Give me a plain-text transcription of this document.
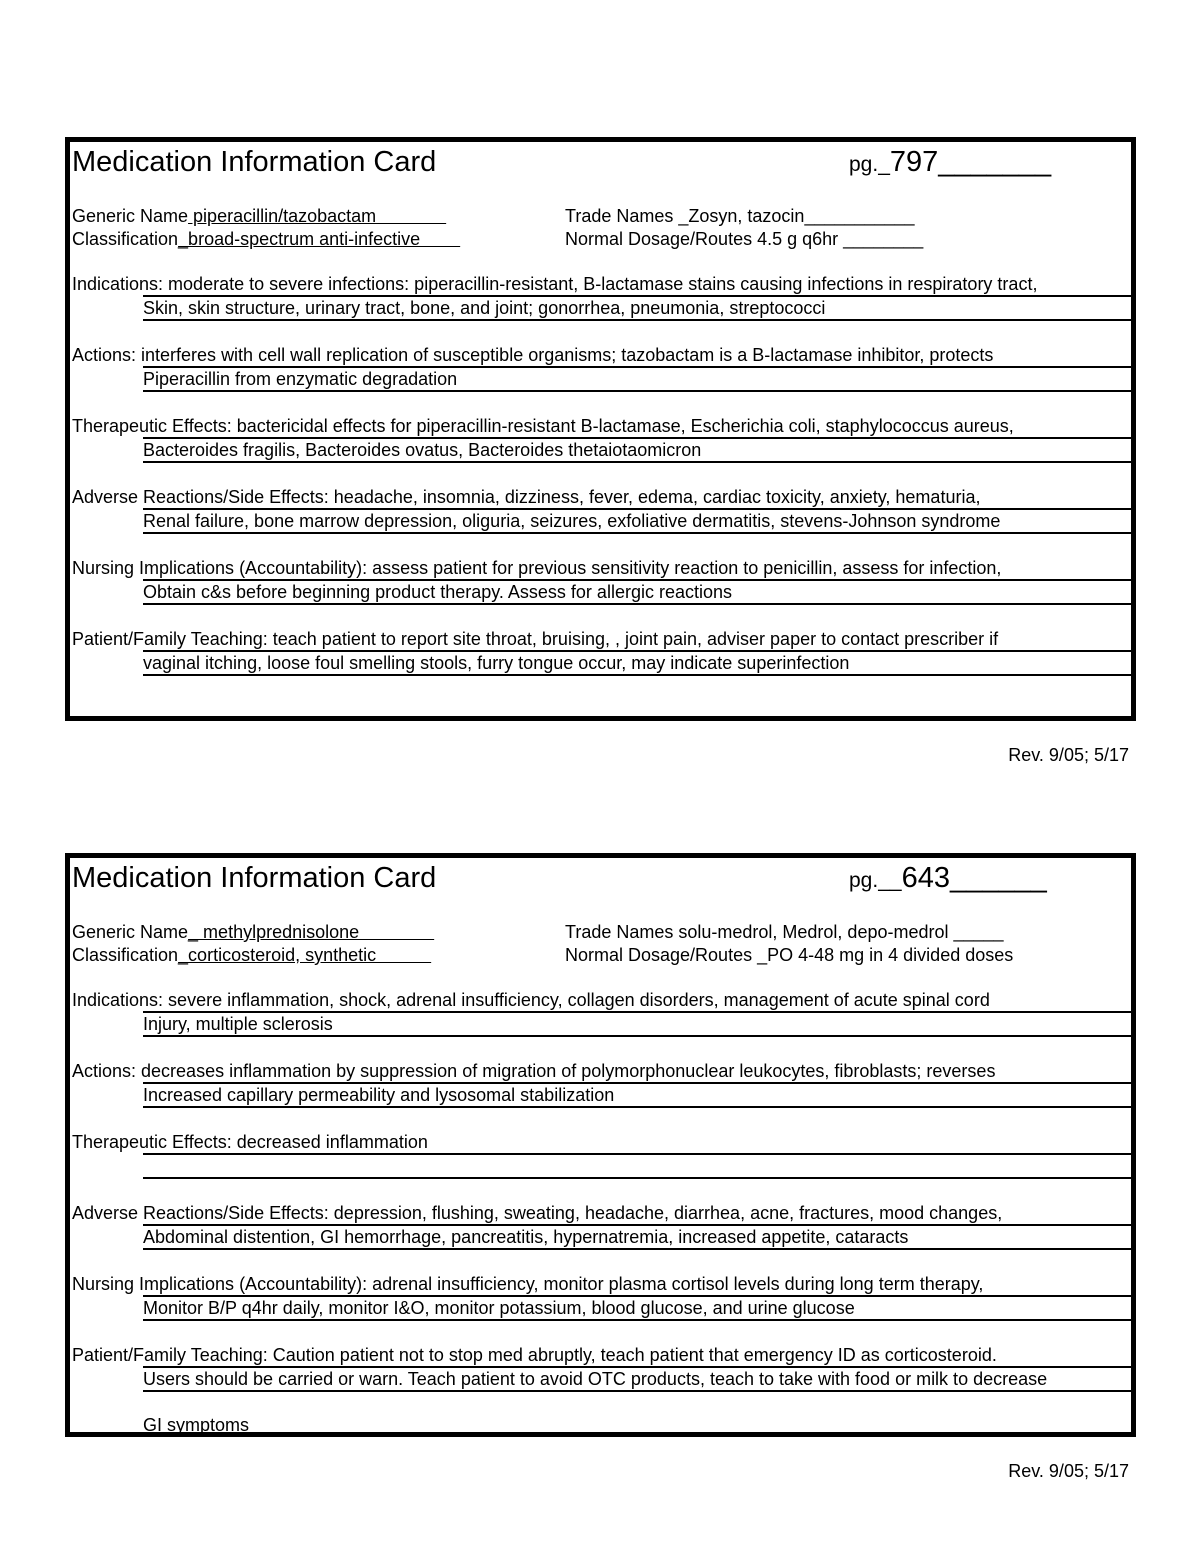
Medication Information Card	pg._797_______
Generic Name piperacillin/tazobactam	Trade Names _Zosyn, tazocin___________
Classification_broad-spectrum anti-infective	Normal Dosage/Routes 4.5 g q6hr ________
Indications: moderate to severe infections: piperacillin-resistant, B-lactamase stains causing infections in respiratory tract,
Skin, skin structure, urinary tract, bone, and joint; gonorrhea, pneumonia, streptococci
Actions: interferes with cell wall replication of susceptible organisms; tazobactam is a B-lactamase inhibitor, protects
Piperacillin from enzymatic degradation
Therapeutic Effects: bactericidal effects for piperacillin-resistant B-lactamase, Escherichia coli, staphylococcus aureus,
Bacteroides fragilis, Bacteroides ovatus, Bacteroides thetaiotaomicron
Adverse Reactions/Side Effects: headache, insomnia, dizziness, fever, edema, cardiac toxicity, anxiety, hematuria,
Renal failure, bone marrow depression, oliguria, seizures, exfoliative dermatitis, stevens-Johnson syndrome
Nursing Implications (Accountability): assess patient for previous sensitivity reaction to penicillin, assess for infection,
Obtain c&s before beginning product therapy. Assess for allergic reactions
Patient/Family Teaching: teach patient to report site throat, bruising, , joint pain, adviser paper to contact prescriber if
vaginal itching, loose foul smelling stools, furry tongue occur, may indicate superinfection
Rev. 9/05; 5/17
Medication Information Card	pg.__643______
Generic Name_ methylprednisolone	Trade Names solu-medrol, Medrol, depo-medrol _____
Classification_corticosteroid, synthetic	Normal Dosage/Routes _PO 4-48 mg in 4 divided doses
Indications: severe inflammation, shock, adrenal insufficiency, collagen disorders, management of acute spinal cord
Injury, multiple sclerosis
Actions: decreases inflammation by suppression of migration of polymorphonuclear leukocytes, fibroblasts; reverses
Increased capillary permeability and lysosomal stabilization
Therapeutic Effects: decreased inflammation
Adverse Reactions/Side Effects: depression, flushing, sweating, headache, diarrhea, acne, fractures, mood changes,
Abdominal distention, GI hemorrhage, pancreatitis, hypernatremia, increased appetite, cataracts
Nursing Implications (Accountability): adrenal insufficiency, monitor plasma cortisol levels during long term therapy,
Monitor B/P q4hr daily, monitor I&O, monitor potassium, blood glucose, and urine glucose
Patient/Family Teaching: Caution patient not to stop med abruptly, teach patient that emergency ID as corticosteroid.
Users should be carried or warn. Teach patient to avoid OTC products, teach to take with food or milk to decrease
GI symptoms
Rev. 9/05; 5/17
